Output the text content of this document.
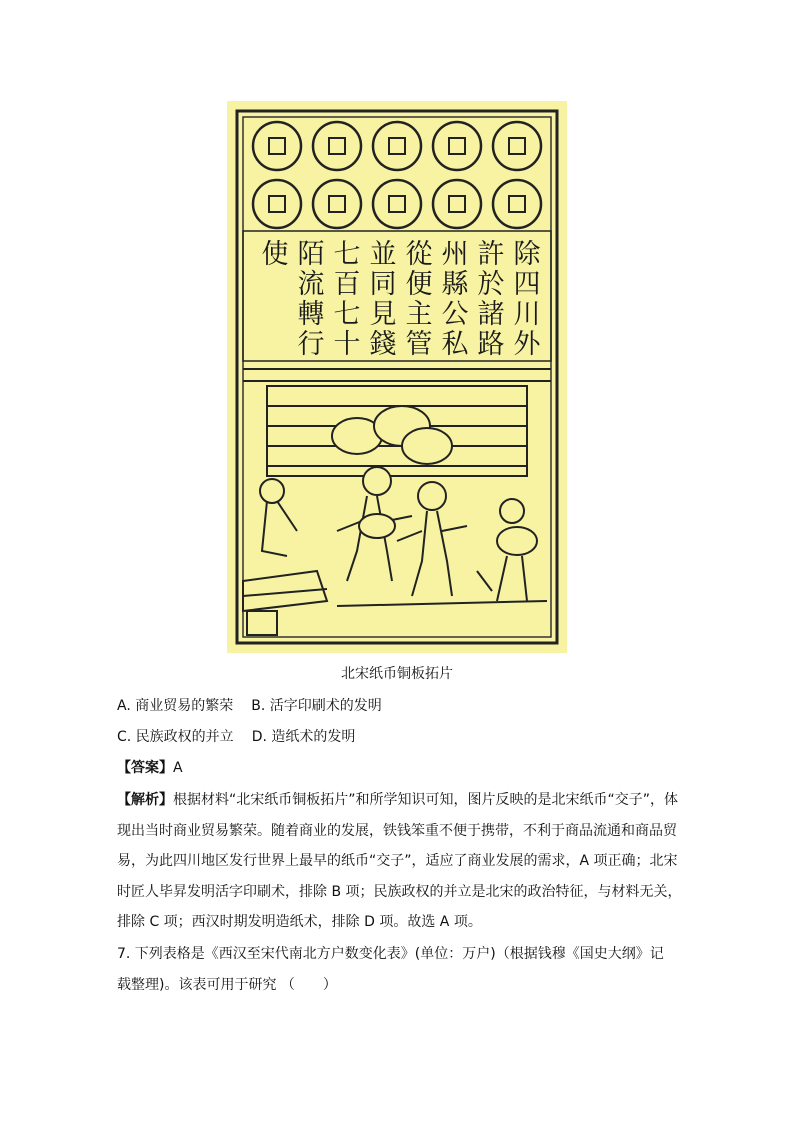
除
四
川
外
許
於
諸
路
州
縣
公
私
從
便
主
管
並
同
見
錢
七
百
七
十
陌
流
轉
行
使
北宋纸币铜板拓片
A. 商业贸易的繁荣 B. 活字印刷术的发明
C. 民族政权的并立 D. 造纸术的发明
【答案】A

【解析】根据材料“北宋纸币铜板拓片”和所学知识可知，图片反映的是北宋纸币“交子”，体

现出当时商业贸易繁荣。随着商业的发展，铁钱笨重不便于携带，不利于商品流通和商品贸

易，为此四川地区发行世界上最早的纸币“交子”，适应了商业发展的需求，A 项正确；北宋

时匠人毕昇发明活字印刷术，排除 B 项；民族政权的并立是北宋的政治特征，与材料无关，

排除 C 项；西汉时期发明造纸术，排除 D 项。故选 A 项。

7. 下列表格是《西汉至宋代南北方户数变化表》(单位：万户)（根据钱穆《国史大纲》记

载整理)。该表可用于研究 （　　）
